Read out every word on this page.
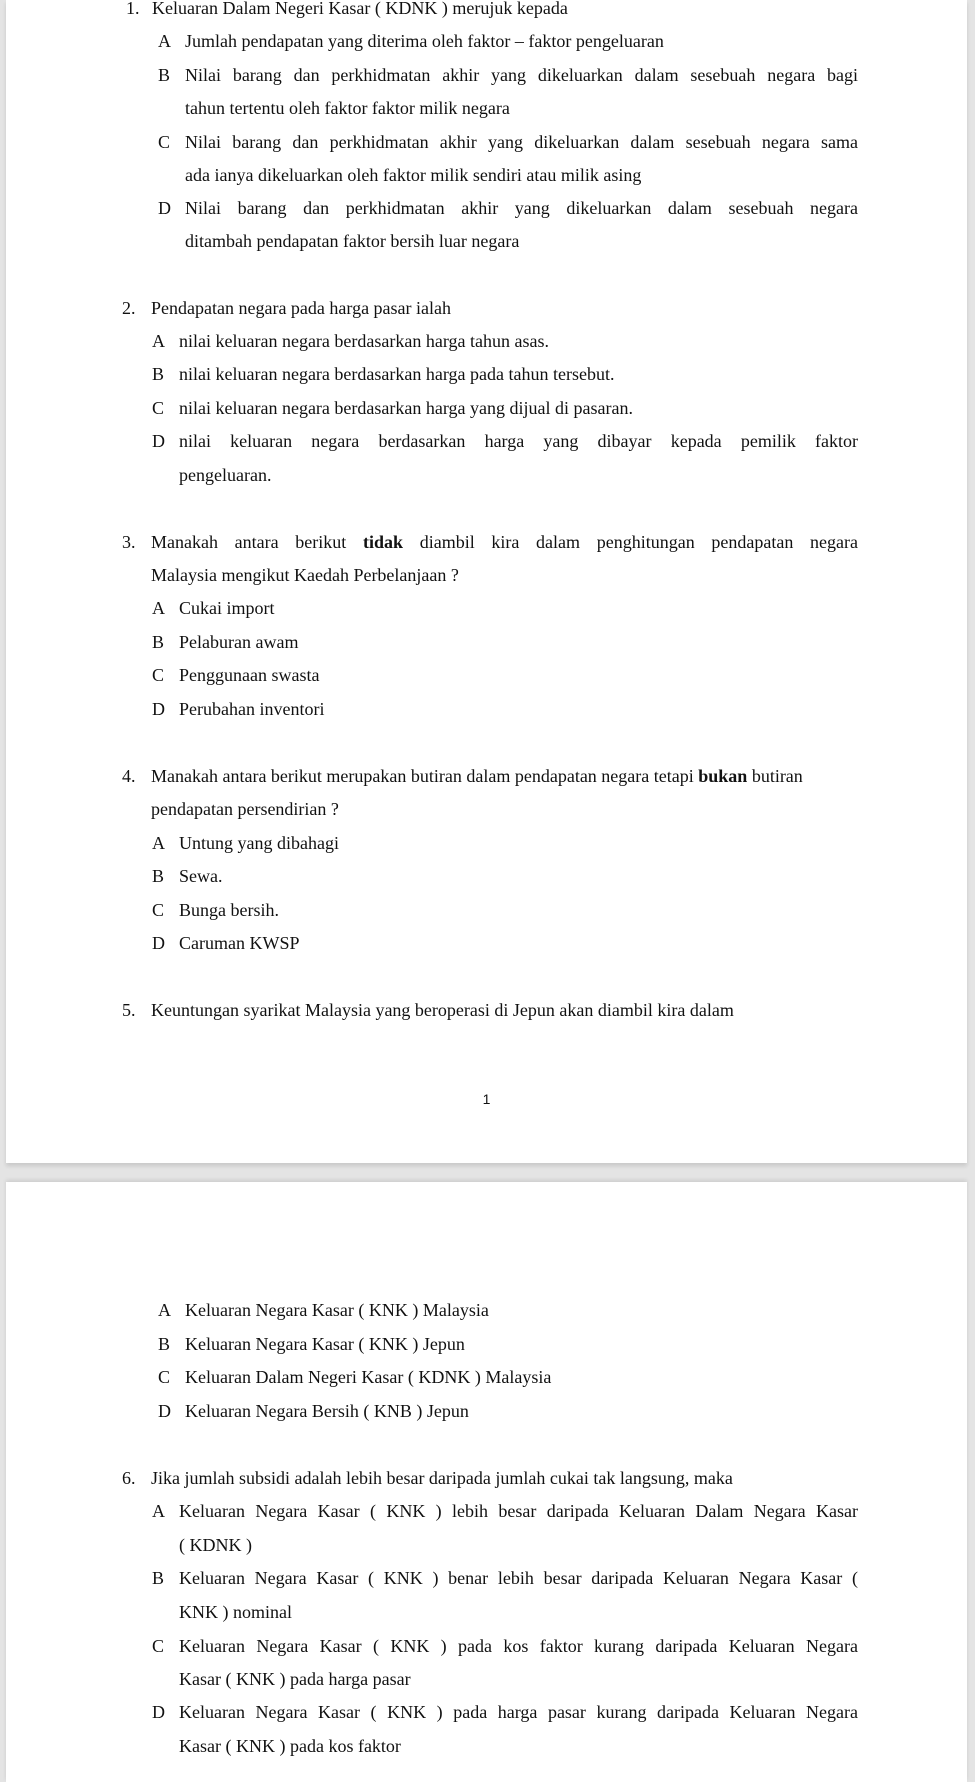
1. Keluaran Dalam Negeri Kasar ( KDNK ) merujuk kepada
A Jumlah pendapatan yang diterima oleh faktor – faktor pengeluaran
B Nilai barang dan perkhidmatan akhir yang dikeluarkan dalam sesebuah negara bagi
tahun tertentu oleh faktor faktor milik negara
C Nilai barang dan perkhidmatan akhir yang dikeluarkan dalam sesebuah negara sama
ada ianya dikeluarkan oleh faktor milik sendiri atau milik asing
D Nilai barang dan perkhidmatan akhir yang dikeluarkan dalam sesebuah negara
ditambah pendapatan faktor bersih luar negara
2. Pendapatan negara pada harga pasar ialah
A nilai keluaran negara berdasarkan harga tahun asas.
B nilai keluaran negara berdasarkan harga pada tahun tersebut.
C nilai keluaran negara berdasarkan harga yang dijual di pasaran.
D nilai keluaran negara berdasarkan harga yang dibayar kepada pemilik faktor
pengeluaran.
3. Manakah antara berikut tidak diambil kira dalam penghitungan pendapatan negara
Malaysia mengikut Kaedah Perbelanjaan ?
A Cukai import
B Pelaburan awam
C Penggunaan swasta
D Perubahan inventori
4. Manakah antara berikut merupakan butiran dalam pendapatan negara tetapi bukan butiran
pendapatan persendirian ?
A Untung yang dibahagi
B Sewa.
C Bunga bersih.
D Caruman KWSP
5. Keuntungan syarikat Malaysia yang beroperasi di Jepun akan diambil kira dalam
1
A Keluaran Negara Kasar ( KNK ) Malaysia
B Keluaran Negara Kasar ( KNK ) Jepun
C Keluaran Dalam Negeri Kasar ( KDNK ) Malaysia
D Keluaran Negara Bersih ( KNB ) Jepun
6. Jika jumlah subsidi adalah lebih besar daripada jumlah cukai tak langsung, maka
A Keluaran Negara Kasar ( KNK ) lebih besar daripada Keluaran Dalam Negara Kasar
( KDNK )
B Keluaran Negara Kasar ( KNK ) benar lebih besar daripada Keluaran Negara Kasar (
KNK ) nominal
C Keluaran Negara Kasar ( KNK ) pada kos faktor kurang daripada Keluaran Negara
Kasar ( KNK ) pada harga pasar
D Keluaran Negara Kasar ( KNK ) pada harga pasar kurang daripada Keluaran Negara
Kasar ( KNK ) pada kos faktor
